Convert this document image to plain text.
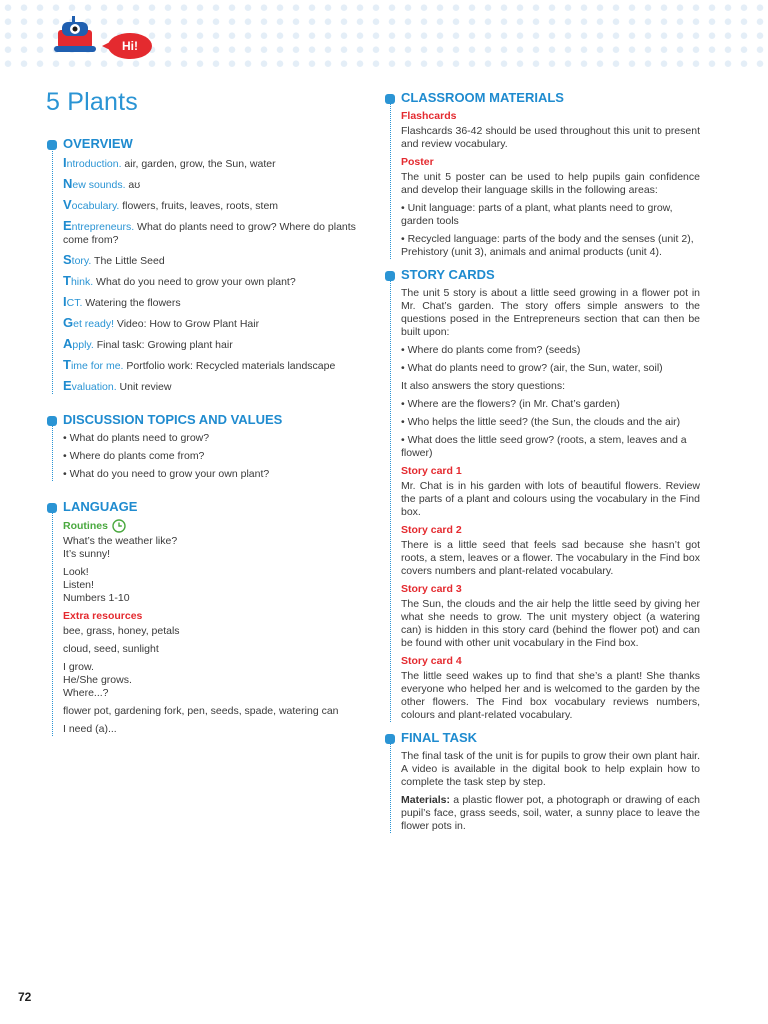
Hi!
5 Plants
OVERVIEW
Introduction. air, garden, grow, the Sun, water
New sounds. aʊ
Vocabulary. flowers, fruits, leaves, roots, stem
Entrepreneurs. What do plants need to grow? Where do plants come from?
Story. The Little Seed
Think. What do you need to grow your own plant?
ICT. Watering the flowers
Get ready! Video: How to Grow Plant Hair
Apply. Final task: Growing plant hair
Time for me. Portfolio work: Recycled materials landscape
Evaluation. Unit review
DISCUSSION TOPICS AND VALUES
• What do plants need to grow?
• Where do plants come from?
• What do you need to grow your own plant?
LANGUAGE
Routines
What’s the weather like?
It’s sunny!
Look!
Listen!
Numbers 1-10
Extra resources
bee, grass, honey, petals
cloud, seed, sunlight
I grow.
He/She grows.
Where...?
flower pot, gardening fork, pen, seeds, spade, watering can
I need (a)...
CLASSROOM MATERIALS
Flashcards
Flashcards 36-42 should be used throughout this unit to present and review vocabulary.
Poster
The unit 5 poster can be used to help pupils gain confidence and develop their language skills in the following areas:
• Unit language: parts of a plant, what plants need to grow, garden tools
• Recycled language: parts of the body and the senses (unit 2), Prehistory (unit 3), animals and animal products (unit 4).
STORY CARDS
The unit 5 story is about a little seed growing in a flower pot in Mr. Chat’s garden. The story offers simple answers to the questions posed in the Entrepreneurs section that can then be built upon:
• Where do plants come from? (seeds)
• What do plants need to grow? (air, the Sun, water, soil)
It also answers the story questions:
• Where are the flowers? (in Mr. Chat’s garden)
• Who helps the little seed? (the Sun, the clouds and the air)
• What does the little seed grow? (roots, a stem, leaves and a flower)
Story card 1
Mr. Chat is in his garden with lots of beautiful flowers. Review the parts of a plant and colours using the vocabulary in the Find box.
Story card 2
There is a little seed that feels sad because she hasn’t got roots, a stem, leaves or a flower. The vocabulary in the Find box covers numbers and plant-related vocabulary.
Story card 3
The Sun, the clouds and the air help the little seed by giving her what she needs to grow. The unit mystery object (a watering can) is hidden in this story card (behind the flower pot) and can be found with other unit vocabulary in the Find box.
Story card 4
The little seed wakes up to find that she’s a plant! She thanks everyone who helped her and is welcomed to the garden by the other flowers. The Find box vocabulary reviews numbers, colours and plant-related vocabulary.
FINAL TASK
The final task of the unit is for pupils to grow their own plant hair. A video is available in the digital book to help explain how to complete the task step by step.
Materials: a plastic flower pot, a photograph or drawing of each pupil’s face, grass seeds, soil, water, a sunny place to leave the flower pots in.
72
